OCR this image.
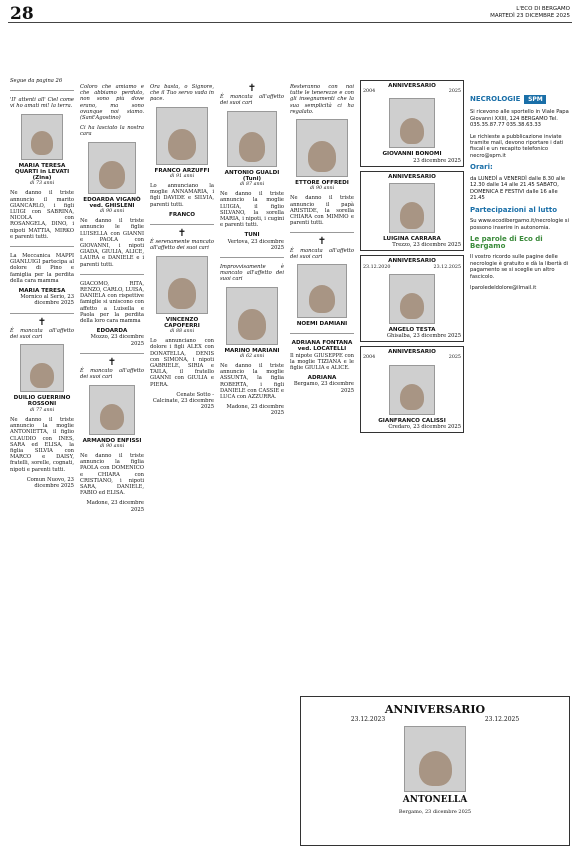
28	L'ECO DI BERGAMO
MARTEDÌ 23 DICEMBRE 2025

Segue da pagina 26

'Il' attenti all' Ciel come vi ho amati mi! la terra.

MARIA TERESA QUARTI in LEVATI (Zina)
di 73 anni

Ne danno il triste annuncio il marito GIANCARLO, i figli LUIGI con SABRINA, NICOLA con ROSANGELA, DINO, i nipoti MATTIA, MIRKO e parenti tutti.

La Meccanica MAPPI GIANLUIGI partecipa al dolore di Pino e famiglia per la perdita della cara mamma

MARIA TERESA

Mornico al Serio, 23 dicembre 2025

✝

È mancata all'affetto dei suoi cari

DUILIO GUERRINO ROSSONI
di 77 anni

Ne danno il triste annuncio la moglie ANTONIETTA, il figlio CLAUDIO con INES, SARA ed ELISA, la figlia SILVIA con MARCO e DAISY, fratelli, sorelle, cognati, nipoti e parenti tutti.

Comun Nuovo, 23 dicembre 2025

Coloro che amiamo e che abbiamo perduto, non sono più dove erano, ma sono ovunque noi siamo. (Sant'Agostino)

Ci ha lasciato la nostra cara

EDOARDA VIGANÒ ved. GHISLENI
di 90 anni

Ne danno il triste annuncio le figlie LUISELLA con GIANNI e PAOLA con GIOVANNI, i nipoti GIADA, GIULIA, ALICE, LAURA e DANIELE e i parenti tutti.

GIACOMO, RITA, RENZO, CARLO, LUISA, DANIELA con rispettive famiglie si uniscono con affetto a Luisella e Paola per la perdita della loro cara mamma

EDOARDA

Mozzo, 23 dicembre 2025

✝

È mancato all'affetto dei suoi cari

ARMANDO ENFISSI
di 90 anni

Ne danno il triste annuncio la figlia PAOLA con DOMENICO e CHIARA con CRISTIANO, i nipoti SARA, DANIELE, FABIO ed ELISA.

Madone, 23 dicembre 2025

Ora basta, o Signore, che il Tuo servo vada in pace.

FRANCO ARZUFFI
di 91 anni

Lo annunciano la moglie ANNAMARIA, i figli DAVIDE e SILVIA, parenti tutti.

FRANCO
✝

È serenamente mancato all'affetto dei suoi cari

VINCENZO CAPOFERRI
di 88 anni

Lo annunciano con dolore i figli ALEX con DONATELLA, DENIS con SIMONA, i nipoti GABRIELE, SIRIA e TAILA, il fratello GIANNI con GIULIA e PIERA.

Cenate Sotto - Calcinate, 23 dicembre 2025

✝

È mancata all'affetto dei suoi cari

ANTONIO GUALDI (Tuni)
di 87 anni

Ne danno il triste annuncio la moglie LUIGIA, il figlio SILVANO, la sorella MARIA, i nipoti, i cugini e parenti tutti.

TUNI

Vertova, 23 dicembre 2025

Improvvisamente è mancato all'affetto dei suoi cari

MARINO MARIANI
di 62 anni

Ne danno il triste annuncio la moglie ASSUNTA, la figlia ROBERTA, i figli DANIELE con CASSIE e LUCA con AZZURRA.

Madone, 23 dicembre 2025

Resteranno con noi tutte le tenerezze e con gli insegnamenti che la sua semplicità ci ha regalato.

ETTORE OFFREDI
di 90 anni

Ne danno il triste annuncio il papà ARISTIDE, la sorella CHIARA con MIMMO e parenti tutti.

✝

È mancata all'affetto dei suoi cari

NOEMI DAMIANI
ADRIANA FONTANA ved. LOCATELLI

Il nipote GIUSEPPE con la moglie TIZIANA e le figlie GIULIA e ALICE.

ADRIANA

Bergamo, 23 dicembre 2025

ANNIVERSARIO
2004	2025
GIOVANNI BONOMI

23 dicembre 2025

ANNIVERSARIO
LUIGINA CARRARA

Trezzo, 23 dicembre 2025

ANNIVERSARIO
23.12.2020	23.12.2025
ANGELO TESTA

Ghisalba, 23 dicembre 2025

ANNIVERSARIO
2004	2025
GIANFRANCO CALISSI

Credaro, 23 dicembre 2025

NECROLOGIE SPM

Si ricevono alle sportello in Viale Papa Giovanni XXIII, 124 BERGAMO Tel. 035.35.87.77 035.38.63.33

Le richieste a pubblicazione inviate tramite mail, devono riportare i dati fiscali e un recapito telefonico necro@spm.it

Orari:

da LUNEDÌ a VENERDÌ dalle 8.30 alle 12.30 dalle 14 alle 21.45 SABATO, DOMENICA E FESTIVI dalle 16 alle 21.45

Partecipazioni al lutto

Su www.ecodibergamo.it/necrologie si possono inserire in autonomia.

Le parole di Eco di Bergamo

Il vostro ricordo sulle pagine delle necrologie è gratuito e dà la libertà di pagamento se si sceglie un altro fascicolo.

lparoledeldolore@ilmail.it

ANNIVERSARIO
23.12.2023	23.12.2025
ANTONELLA
Bergamo, 23 dicembre 2025
